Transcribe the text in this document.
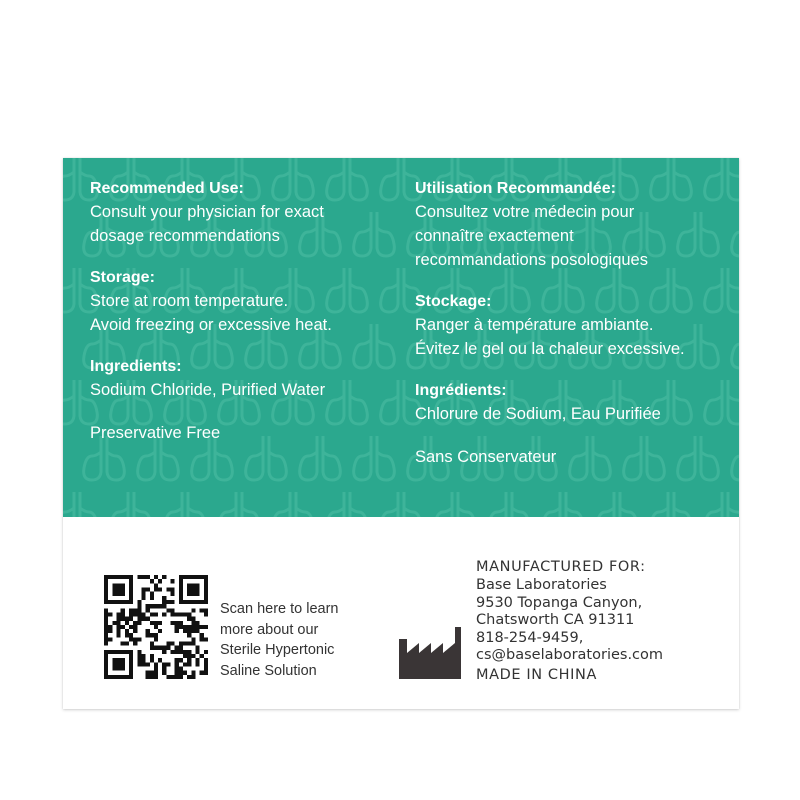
Recommended Use:
Consult your physician for exact
dosage recommendations
Storage:
Store at room temperature.
Avoid freezing or excessive heat.
Ingredients:
Sodium Chloride, Purified Water
Preservative Free
Utilisation Recommandée:
Consultez votre médecin pour
connaître exactement
recommandations posologiques
Stockage:
Ranger à température ambiante.
Évitez le gel ou la chaleur excessive.
Ingrédients:
Chlorure de Sodium, Eau Purifiée
Sans Conservateur
Scan here to learn
more about our
Sterile Hypertonic
Saline Solution
MANUFACTURED FOR:
Base Laboratories
9530 Topanga Canyon,
Chatsworth CA 91311
818-254-9459,
cs@baselaboratories.com
MADE IN CHINA
